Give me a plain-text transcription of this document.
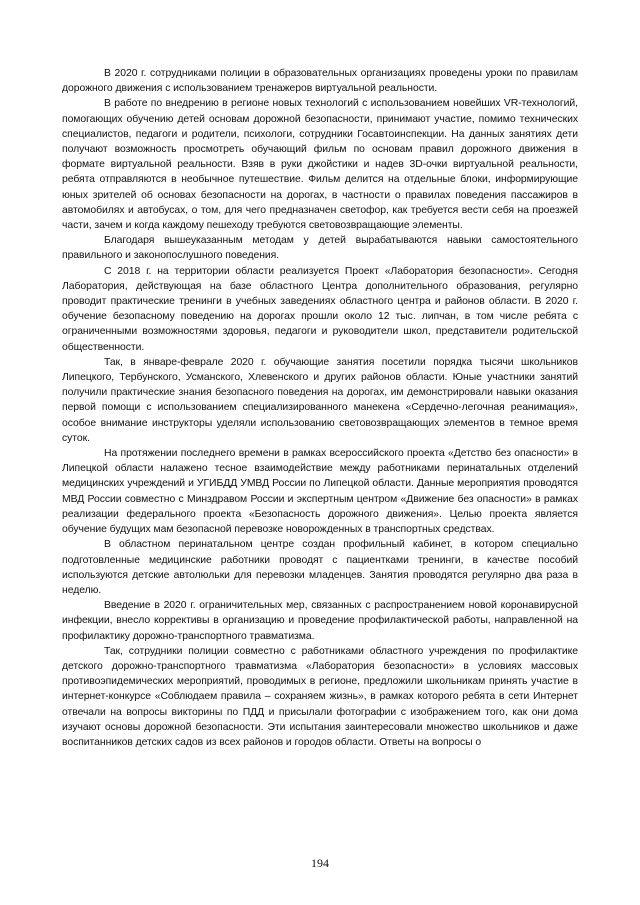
В 2020 г. сотрудниками полиции в образовательных организациях проведены уроки по правилам дорожного движения с использованием тренажеров виртуальной реальности.

В работе по внедрению в регионе новых технологий с использованием новейших VR-технологий, помогающих обучению детей основам дорожной безопасности, принимают участие, помимо технических специалистов, педагоги и родители, психологи, сотрудники Госавтоинспекции. На данных занятиях дети получают возможность просмотреть обучающий фильм по основам правил дорожного движения в формате виртуальной реальности. Взяв в руки джойстики и надев 3D-очки виртуальной реальности, ребята отправляются в необычное путешествие. Фильм делится на отдельные блоки, информирующие юных зрителей об основах безопасности на дорогах, в частности о правилах поведения пассажиров в автомобилях и автобусах, о том, для чего предназначен светофор, как требуется вести себя на проезжей части, зачем и когда каждому пешеходу требуются световозвращающие элементы.

Благодаря вышеуказанным методам у детей вырабатываются навыки самостоятельного правильного и законопослушного поведения.

С 2018 г. на территории области реализуется Проект «Лаборатория безопасности». Сегодня Лаборатория, действующая на базе областного Центра дополнительного образования, регулярно проводит практические тренинги в учебных заведениях областного центра и районов области. В 2020 г. обучение безопасному поведению на дорогах прошли около 12 тыс. липчан, в том числе ребята с ограниченными возможностями здоровья, педагоги и руководители школ, представители родительской общественности.

Так, в январе-феврале 2020 г. обучающие занятия посетили порядка тысячи школьников Липецкого, Тербунского, Усманского, Хлевенского и других районов области. Юные участники занятий получили практические знания безопасного поведения на дорогах, им демонстрировали навыки оказания первой помощи с использованием специализированного манекена «Сердечно-легочная реанимация», особое внимание инструкторы уделяли использованию световозвращающих элементов в темное время суток.

На протяжении последнего времени в рамках всероссийского проекта «Детство без опасности» в Липецкой области налажено тесное взаимодействие между работниками перинатальных отделений медицинских учреждений и УГИБДД УМВД России по Липецкой области. Данные мероприятия проводятся МВД России совместно с Минздравом России и экспертным центром «Движение без опасности» в рамках реализации федерального проекта «Безопасность дорожного движения». Целью проекта является обучение будущих мам безопасной перевозке новорожденных в транспортных средствах.

В областном перинатальном центре создан профильный кабинет, в котором специально подготовленные медицинские работники проводят с пациентками тренинги, в качестве пособий используются детские автолюльки для перевозки младенцев. Занятия проводятся регулярно два раза в неделю.

Введение в 2020 г. ограничительных мер, связанных с распространением новой коронавирусной инфекции, внесло коррективы в организацию и проведение профилактической работы, направленной на профилактику дорожно-транспортного травматизма.

Так, сотрудники полиции совместно с работниками областного учреждения по профилактике детского дорожно-транспортного травматизма «Лаборатория безопасности» в условиях массовых противоэпидемических мероприятий, проводимых в регионе, предложили школьникам принять участие в интернет-конкурсе «Соблюдаем правила – сохраняем жизнь», в рамках которого ребята в сети Интернет отвечали на вопросы викторины по ПДД и присылали фотографии с изображением того, как они дома изучают основы дорожной безопасности. Эти испытания заинтересовали множество школьников и даже воспитанников детских садов из всех районов и городов области. Ответы на вопросы о

194
